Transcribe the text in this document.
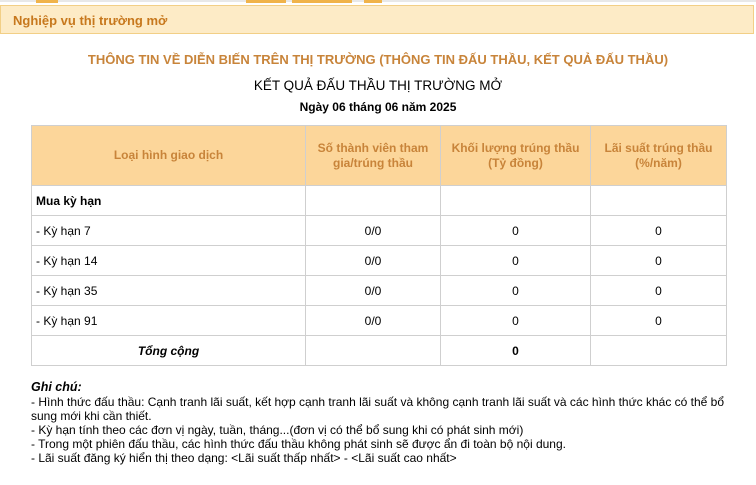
Nghiệp vụ thị trường mở
THÔNG TIN VỀ DIỄN BIẾN TRÊN THỊ TRƯỜNG (THÔNG TIN ĐẤU THẦU, KẾT QUẢ ĐẤU THẦU)
KẾT QUẢ ĐẤU THẦU THỊ TRƯỜNG MỞ
Ngày 06 tháng 06 năm 2025
Loại hình giao dịch	Số thành viên tham gia/trúng thầu	Khối lượng trúng thầu (Tỷ đồng)	Lãi suất trúng thầu (%/năm)
Mua kỳ hạn			
- Kỳ hạn 7	0/0	0	0
- Kỳ hạn 14	0/0	0	0
- Kỳ hạn 35	0/0	0	0
- Kỳ hạn 91	0/0	0	0
Tổng cộng		0	
Ghi chú:

- Hình thức đấu thầu: Cạnh tranh lãi suất, kết hợp cạnh tranh lãi suất và không cạnh tranh lãi suất và các hình thức khác có thể bổ sung mới khi cần thiết.

- Kỳ hạn tính theo các đơn vị ngày, tuần, tháng...(đơn vị có thể bổ sung khi có phát sinh mới)

- Trong một phiên đấu thầu, các hình thức đấu thầu không phát sinh sẽ được ẩn đi toàn bộ nội dung.

- Lãi suất đăng ký hiển thị theo dạng: <Lãi suất thấp nhất> - <Lãi suất cao nhất>
